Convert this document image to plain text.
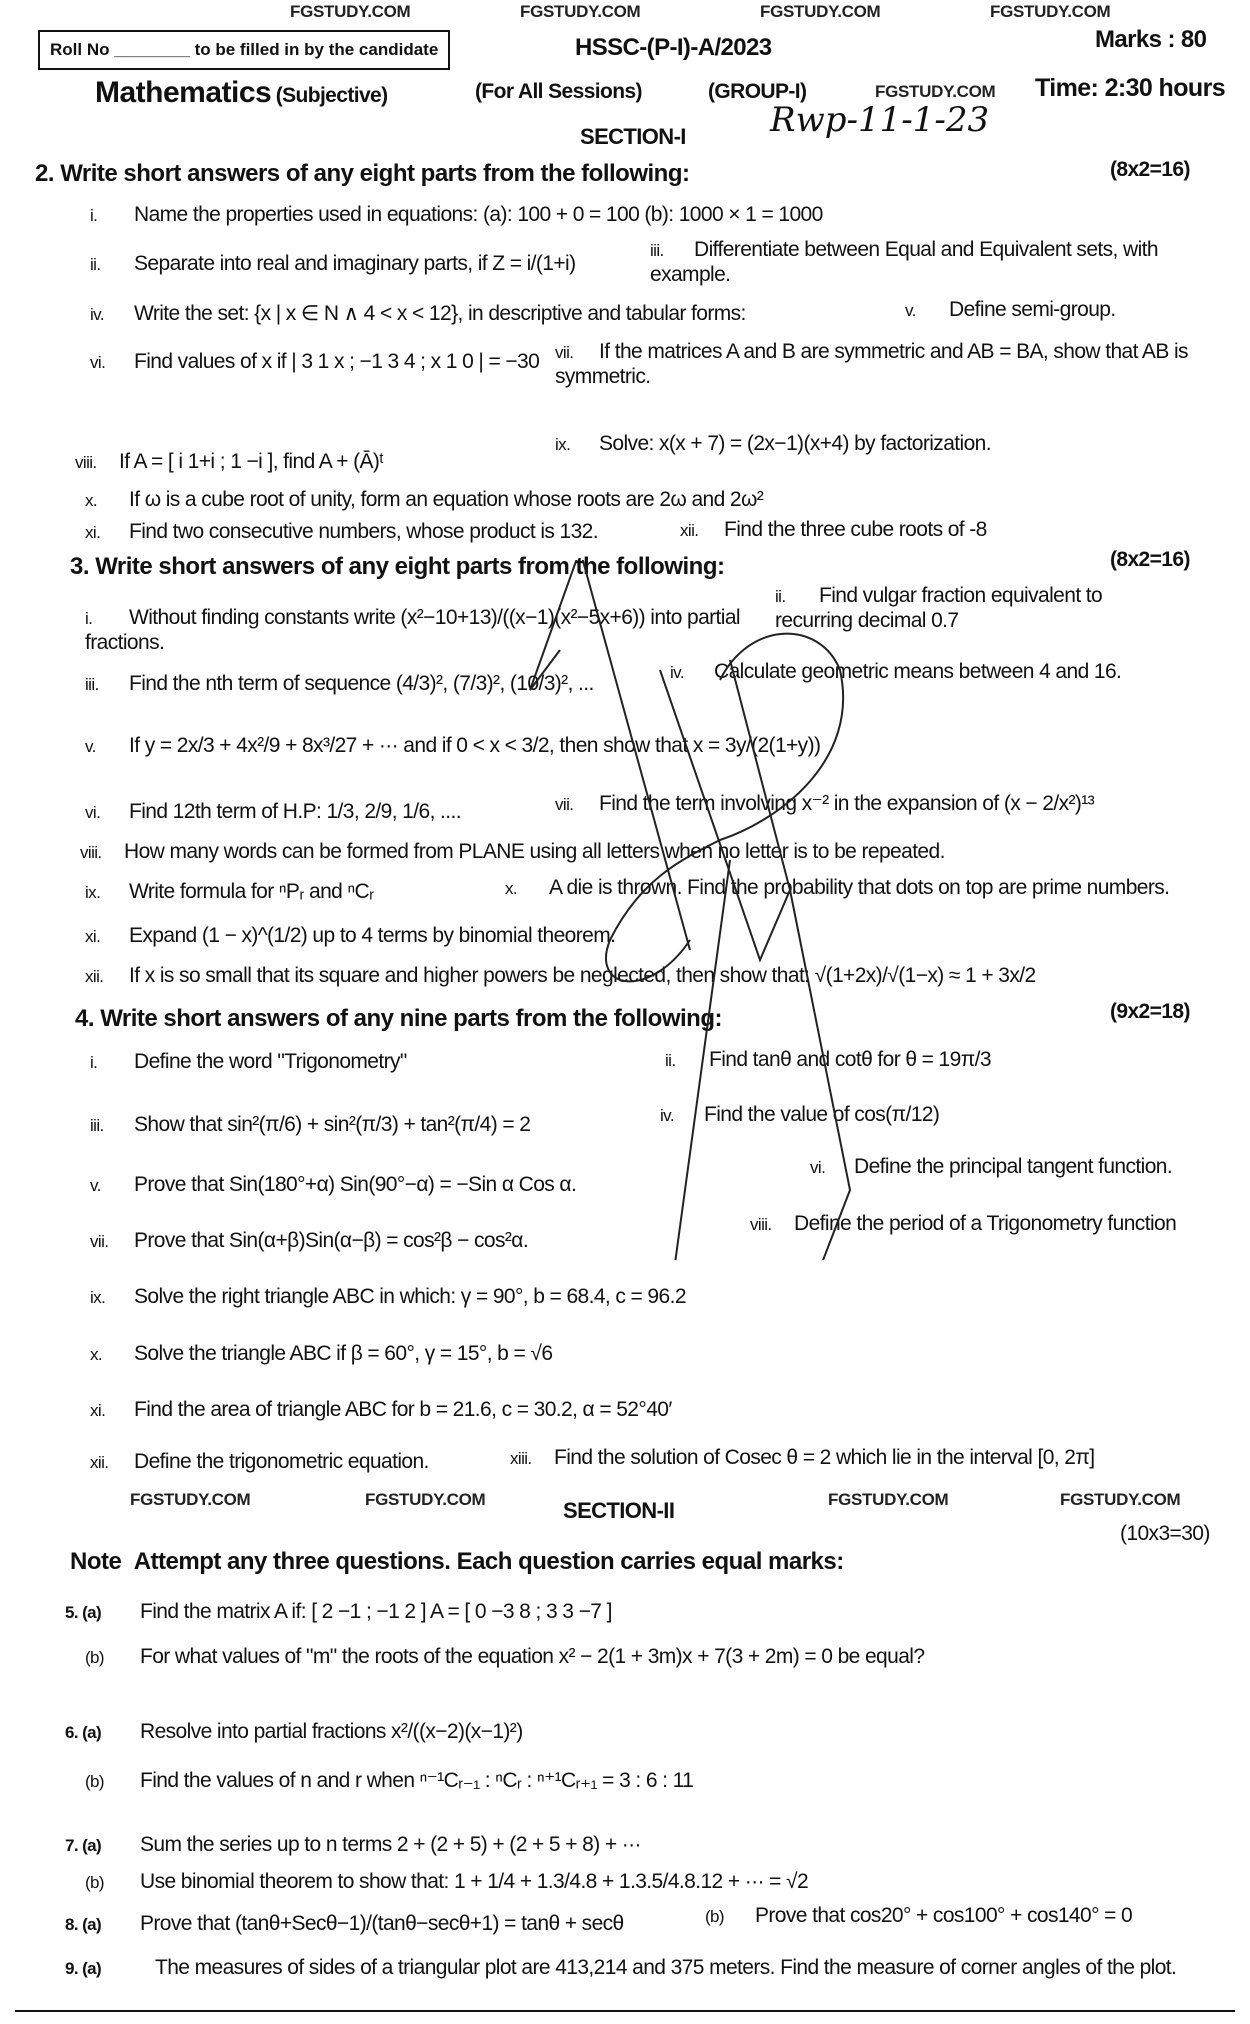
FGSTUDY.COM	FGSTUDY.COM	FGSTUDY.COM	FGSTUDY.COM
Roll No ________ to be filled in by the candidate	HSSC-(P-I)-A/2023	Marks : 80
Mathematics (Subjective)	(For All Sessions)	(GROUP-I)	FGSTUDY.COM Time: 2:30 hours
SECTION-I Rwp-11-1-23
2. Write short answers of any eight parts from the following:	(8x2=16)
i. Name the properties used in equations: (a): 100 + 0 = 100 (b): 1000 × 1 = 1000
ii. Separate into real and imaginary parts, if Z = i/(1+i)
iii. Differentiate between Equal and Equivalent sets, with example.
iv. Write the set: {x | x ∈ N ∧ 4 < x < 12}, in descriptive and tabular forms:	v. Define semi-group.
vi. Find values of x if | 3 1 x ; −1 3 4 ; x 1 0 | = −30 vii. If the matrices A and B are symmetric and AB = BA, show that AB is symmetric.
viii. If A = [ i 1+i ; 1 −i ], find A + (Ā)ᵗ
ix. Solve: x(x + 7) = (2x−1)(x+4) by factorization.
x. If ω is a cube root of unity, form an equation whose roots are 2ω and 2ω²
xi. Find two consecutive numbers, whose product is 132.	xii. Find the three cube roots of -8
3. Write short answers of any eight parts from the following:	(8x2=16)
i. Without finding constants write (x²−10+13)/((x−1)(x²−5x+6)) into partial fractions.
ii. Find vulgar fraction equivalent to recurring decimal 0.7
iii. Find the nth term of sequence (4/3)², (7/3)², (10/3)², ...	iv. Calculate geometric means between 4 and 16.
v. If y = 2x/3 + 4x²/9 + 8x³/27 + ··· and if 0 < x < 3/2, then show that x = 3y/(2(1+y))
vi. Find 12th term of H.P: 1/3, 2/9, 1/6, ....	vii. Find the term involving x⁻² in the expansion of (x − 2/x²)¹³
viii. How many words can be formed from PLANE using all letters when no letter is to be repeated.
ix. Write formula for ⁿPᵣ and ⁿCᵣ	x. A die is thrown. Find the probability that dots on top are prime numbers.
xi. Expand (1 − x)^(1/2) up to 4 terms by binomial theorem.
xii. If x is so small that its square and higher powers be neglected, then show that: √(1+2x)/√(1−x) ≈ 1 + 3x/2
4. Write short answers of any nine parts from the following:	(9x2=18)
i. Define the word "Trigonometry"	ii. Find tanθ and cotθ for θ = 19π/3
iii. Show that sin²(π/6) + sin²(π/3) + tan²(π/4) = 2	iv. Find the value of cos(π/12)
v. Prove that Sin(180°+α) Sin(90°−α) = −Sin α Cos α.
vi. Define the principal tangent function.
vii. Prove that Sin(α+β)Sin(α−β) = cos²β − cos²α.
viii. Define the period of a Trigonometry function
ix. Solve the right triangle ABC in which: γ = 90°, b = 68.4, c = 96.2
x. Solve the triangle ABC if β = 60°, γ = 15°, b = √6
xi. Find the area of triangle ABC for b = 21.6, c = 30.2, α = 52°40′
xii. Define the trigonometric equation.	xiii. Find the solution of Cosec θ = 2 which lie in the interval [0, 2π]
FGSTUDY.COM	FGSTUDY.COM	SECTION-II	FGSTUDY.COM	FGSTUDY.COM
(10x3=30)
Note Attempt any three questions. Each question carries equal marks:
5. (a) Find the matrix A if: [ 2 −1 ; −1 2 ] A = [ 0 −3 8 ; 3 3 −7 ]
(b) For what values of "m" the roots of the equation x² − 2(1 + 3m)x + 7(3 + 2m) = 0 be equal?
6. (a) Resolve into partial fractions x²/((x−2)(x−1)²)
(b) Find the values of n and r when ⁿ⁻¹Cᵣ₋₁ : ⁿCᵣ : ⁿ⁺¹Cᵣ₊₁ = 3 : 6 : 11
7. (a) Sum the series up to n terms 2 + (2 + 5) + (2 + 5 + 8) + ···
(b) Use binomial theorem to show that: 1 + 1/4 + 1.3/4.8 + 1.3.5/4.8.12 + ··· = √2
8. (a) Prove that (tanθ+Secθ−1)/(tanθ−secθ+1) = tanθ + secθ	(b) Prove that cos20° + cos100° + cos140° = 0
9. (a)	The measures of sides of a triangular plot are 413,214 and 375 meters. Find the measure of corner angles of the plot.
